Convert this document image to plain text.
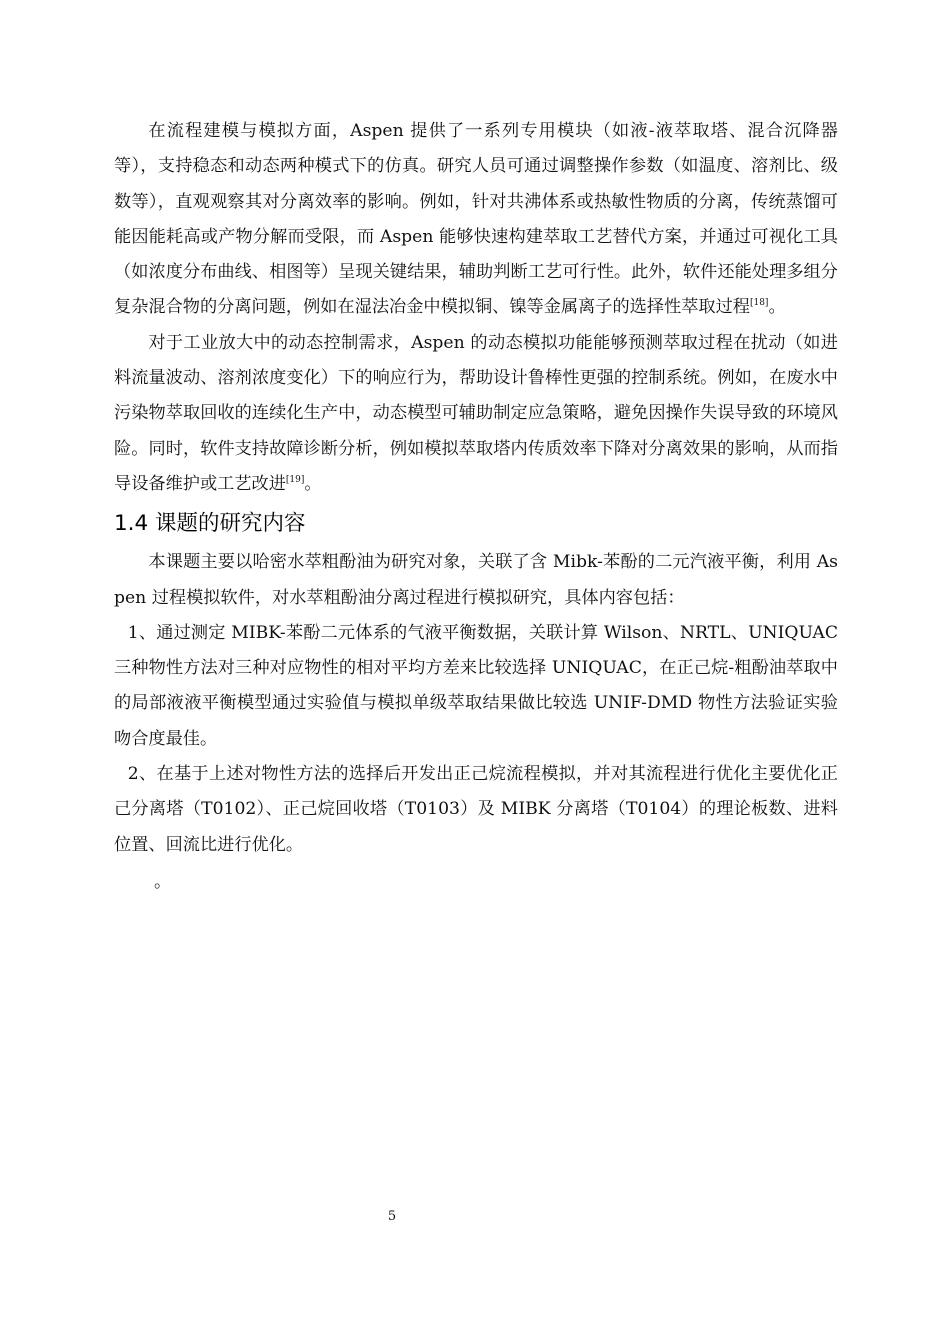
在流程建模与模拟方面，Aspen 提供了一系列专用模块（如液-液萃取塔、混合沉降器等），支持稳态和动态两种模式下的仿真。研究人员可通过调整操作参数（如温度、溶剂比、级数等），直观观察其对分离效率的影响。例如，针对共沸体系或热敏性物质的分离，传统蒸馏可能因能耗高或产物分解而受限，而 Aspen 能够快速构建萃取工艺替代方案，并通过可视化工具（如浓度分布曲线、相图等）呈现关键结果，辅助判断工艺可行性。此外，软件还能处理多组分复杂混合物的分离问题，例如在湿法冶金中模拟铜、镍等金属离子的选择性萃取过程[18]。

对于工业放大中的动态控制需求，Aspen 的动态模拟功能能够预测萃取过程在扰动（如进料流量波动、溶剂浓度变化）下的响应行为，帮助设计鲁棒性更强的控制系统。例如，在废水中污染物萃取回收的连续化生产中，动态模型可辅助制定应急策略，避免因操作失误导致的环境风险。同时，软件支持故障诊断分析，例如模拟萃取塔内传质效率下降对分离效果的影响，从而指导设备维护或工艺改进[19]。

1.4 课题的研究内容

本课题主要以哈密水萃粗酚油为研究对象，关联了含 Mibk-苯酚的二元汽液平衡，利用 Aspen 过程模拟软件，对水萃粗酚油分离过程进行模拟研究，具体内容包括：

1、通过测定 MIBK-苯酚二元体系的气液平衡数据，关联计算 Wilson、NRTL、UNIQUAC 三种物性方法对三种对应物性的相对平均方差来比较选择 UNIQUAC，在正己烷-粗酚油萃取中的局部液液平衡模型通过实验值与模拟单级萃取结果做比较选 UNIF-DMD 物性方法验证实验吻合度最佳。

2、在基于上述对物性方法的选择后开发出正己烷流程模拟，并对其流程进行优化主要优化正己分离塔（T0102）、正己烷回收塔（T0103）及 MIBK 分离塔（T0104）的理论板数、进料位置、回流比进行优化。

。
5
